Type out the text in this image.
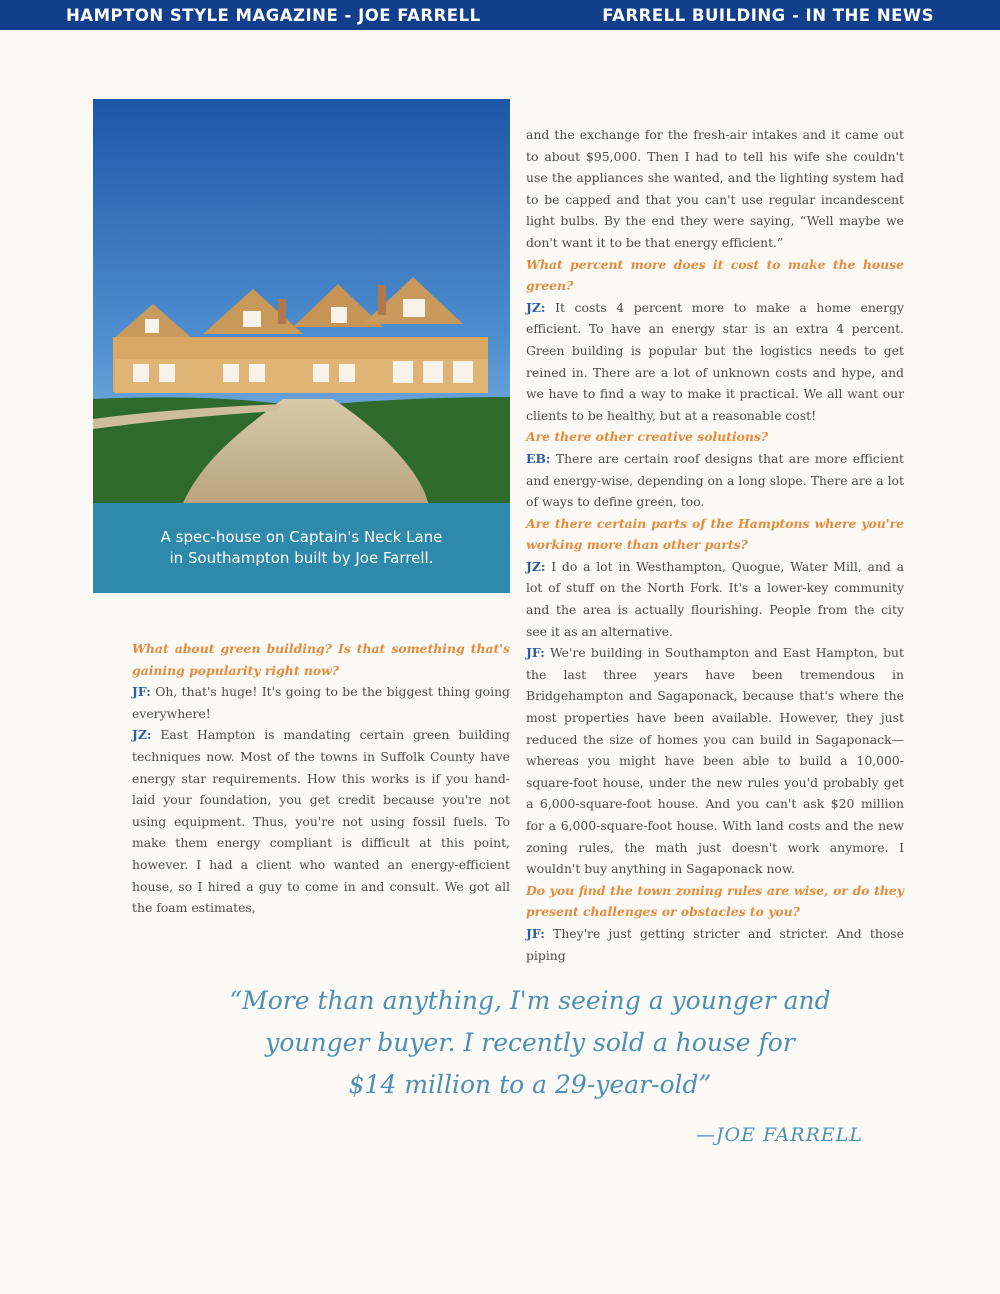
HAMPTON STYLE MAGAZINE - JOE FARRELL	FARRELL BUILDING - IN THE NEWS
A spec-house on Captain's Neck Lane
in Southampton built by Joe Farrell.

What about green building? Is that something that's gaining popularity right now?

JF: Oh, that's huge! It's going to be the biggest thing going everywhere!

JZ: East Hampton is mandating certain green building techniques now. Most of the towns in Suffolk County have energy star requirements. How this works is if you hand-laid your foundation, you get credit because you're not using equipment. Thus, you're not using fossil fuels. To make them energy compliant is difficult at this point, however. I had a client who wanted an energy-efficient house, so I hired a guy to come in and consult. We got all the foam estimates,

and the exchange for the fresh-air intakes and it came out to about $95,000. Then I had to tell his wife she couldn't use the appliances she wanted, and the lighting system had to be capped and that you can't use regular incandescent light bulbs. By the end they were saying, “Well maybe we don't want it to be that energy efficient.”

What percent more does it cost to make the house green?

JZ: It costs 4 percent more to make a home energy efficient. To have an energy star is an extra 4 percent. Green building is popular but the logistics needs to get reined in. There are a lot of unknown costs and hype, and we have to find a way to make it practical. We all want our clients to be healthy, but at a reasonable cost!

Are there other creative solutions?

EB: There are certain roof designs that are more efficient and energy-wise, depending on a long slope. There are a lot of ways to define green, too.

Are there certain parts of the Hamptons where you're working more than other parts?

JZ: I do a lot in Westhampton, Quogue, Water Mill, and a lot of stuff on the North Fork. It's a lower-key community and the area is actually flourishing. People from the city see it as an alternative.

JF: We're building in Southampton and East Hampton, but the last three years have been tremendous in Bridgehampton and Sagaponack, because that's where the most properties have been available. However, they just reduced the size of homes you can build in Sagaponack—whereas you might have been able to build a 10,000-square-foot house, under the new rules you'd probably get a 6,000-square-foot house. And you can't ask $20 million for a 6,000-square-foot house. With land costs and the new zoning rules, the math just doesn't work anymore. I wouldn't buy anything in Sagaponack now.

Do you find the town zoning rules are wise, or do they present challenges or obstacles to you?

JF: They're just getting stricter and stricter. And those piping

“More than anything, I'm seeing a younger and
younger buyer. I recently sold a house for
$14 million to a 29-year-old”
—JOE FARRELL
